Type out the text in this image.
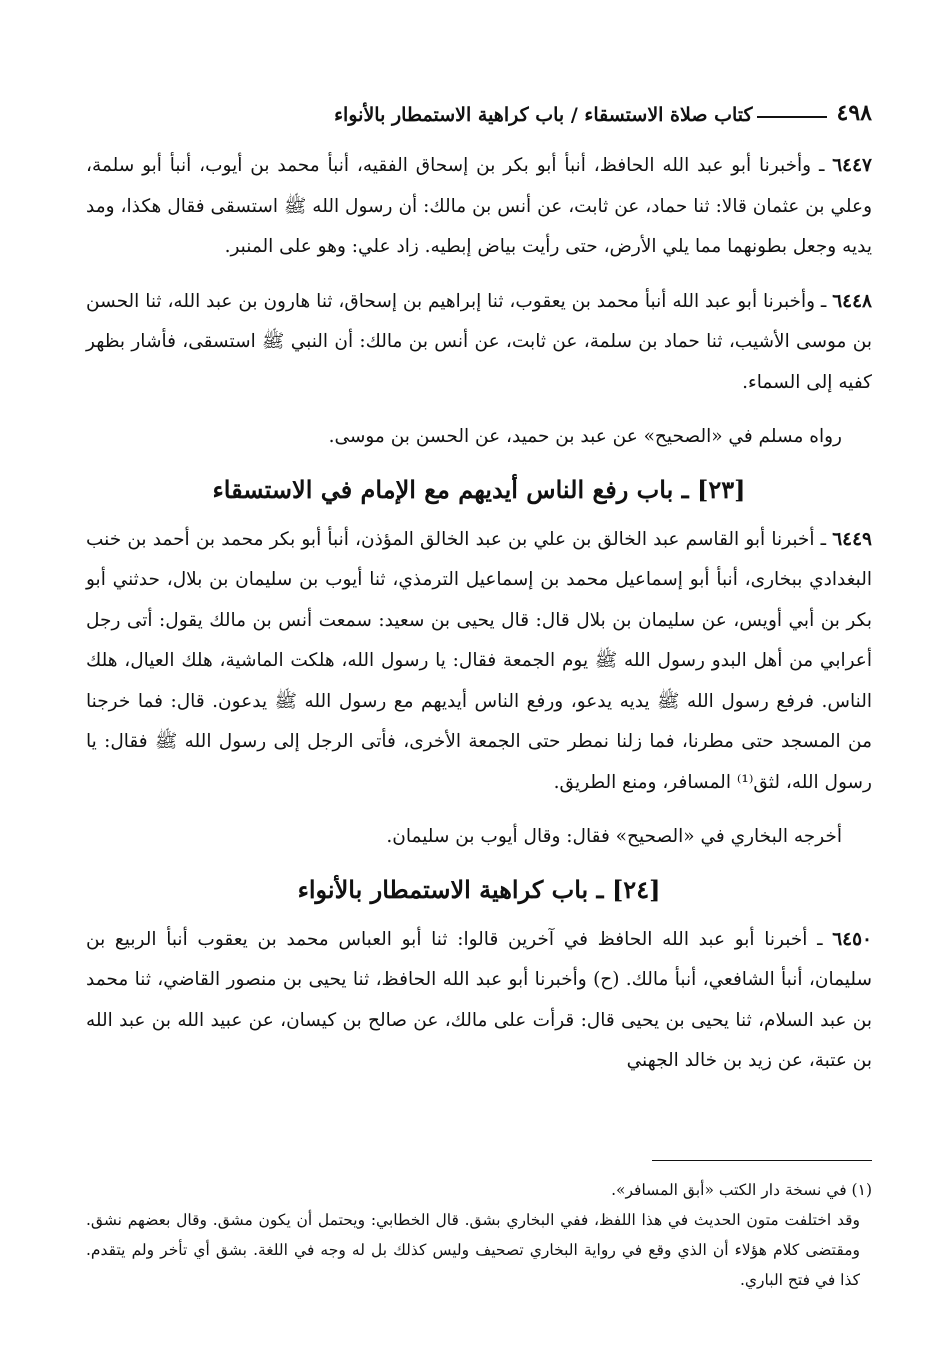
٤٩٨
كتاب صلاة الاستسقاء / باب كراهية الاستمطار بالأنواء

٦٤٤٧ ـ وأخبرنا أبو عبد الله الحافظ، أنبأ أبو بكر بن إسحاق الفقيه، أنبأ محمد بن أيوب، أنبأ أبو سلمة، وعلي بن عثمان قالا: ثنا حماد، عن ثابت، عن أنس بن مالك: أن رسول الله ﷺ استسقى فقال هكذا، ومد يديه وجعل بطونهما مما يلي الأرض، حتى رأيت بياض إبطيه. زاد علي: وهو على المنبر.

٦٤٤٨ ـ وأخبرنا أبو عبد الله أنبأ محمد بن يعقوب، ثنا إبراهيم بن إسحاق، ثنا هارون بن عبد الله، ثنا الحسن بن موسى الأشيب، ثنا حماد بن سلمة، عن ثابت، عن أنس بن مالك: أن النبي ﷺ استسقى، فأشار بظهر كفيه إلى السماء.

رواه مسلم في «الصحيح» عن عبد بن حميد، عن الحسن بن موسى.

[٢٣] ـ باب رفع الناس أيديهم مع الإمام في الاستسقاء

٦٤٤٩ ـ أخبرنا أبو القاسم عبد الخالق بن علي بن عبد الخالق المؤذن، أنبأ أبو بكر محمد بن أحمد بن خنب البغدادي ببخارى، أنبأ أبو إسماعيل محمد بن إسماعيل الترمذي، ثنا أيوب بن سليمان بن بلال، حدثني أبو بكر بن أبي أويس، عن سليمان بن بلال قال: قال يحيى بن سعيد: سمعت أنس بن مالك يقول: أتى رجل أعرابي من أهل البدو رسول الله ﷺ يوم الجمعة فقال: يا رسول الله، هلكت الماشية، هلك العيال، هلك الناس. فرفع رسول الله ﷺ يديه يدعو، ورفع الناس أيديهم مع رسول الله ﷺ يدعون. قال: فما خرجنا من المسجد حتى مطرنا، فما زلنا نمطر حتى الجمعة الأخرى، فأتى الرجل إلى رسول الله ﷺ فقال: يا رسول الله، لثق⁽¹⁾ المسافر، ومنع الطريق.

أخرجه البخاري في «الصحيح» فقال: وقال أيوب بن سليمان.

[٢٤] ـ باب كراهية الاستمطار بالأنواء

٦٤٥٠ ـ أخبرنا أبو عبد الله الحافظ في آخرين قالوا: ثنا أبو العباس محمد بن يعقوب أنبأ الربيع بن سليمان، أنبأ الشافعي، أنبأ مالك. (ح) وأخبرنا أبو عبد الله الحافظ، ثنا يحيى بن منصور القاضي، ثنا محمد بن عبد السلام، ثنا يحيى بن يحيى قال: قرأت على مالك، عن صالح بن كيسان، عن عبيد الله بن عبد الله بن عتبة، عن زيد بن خالد الجهني

(١) في نسخة دار الكتب «أبق المسافر».

وقد اختلفت متون الحديث في هذا اللفظ، ففي البخاري بشق. قال الخطابي: ويحتمل أن يكون مشق. وقال بعضهم نشق. ومقتضى كلام هؤلاء أن الذي وقع في رواية البخاري تصحيف وليس كذلك بل له وجه في اللغة. بشق أي تأخر ولم يتقدم. كذا في فتح الباري.
